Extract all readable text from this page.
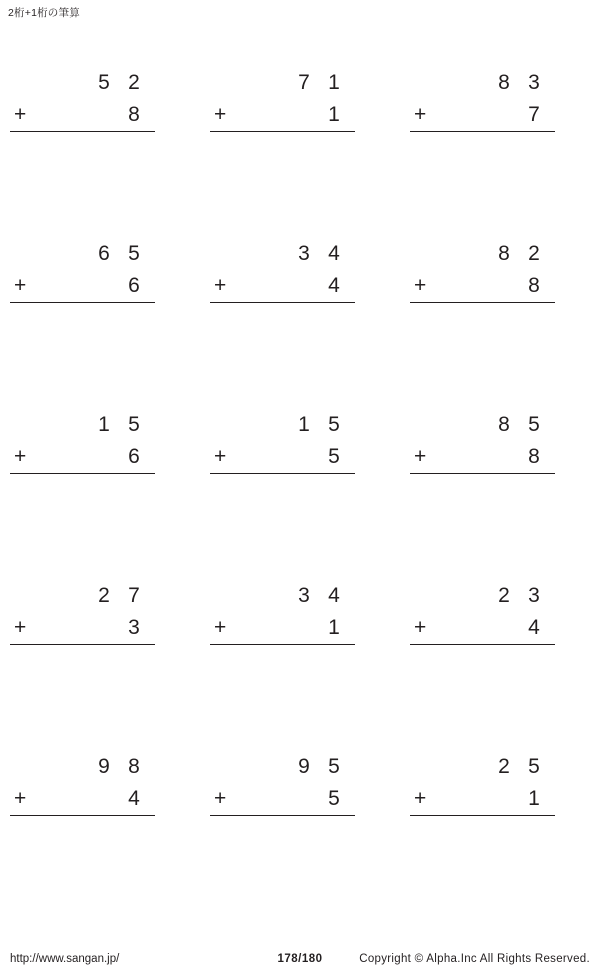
2桁+1桁の筆算
5 2
+	8
7 1
+	1
8 3
+	7
6 5
+	6
3 4
+	4
8 2
+	8
1 5
+	6
1 5
+	5
8 5
+	8
2 7
+	3
3 4
+	1
2 3
+	4
9 8
+	4
9 5
+	5
2 5
+	1
http://www.sangan.jp/	178/180	Copyright © Alpha.Inc All Rights Reserved.
